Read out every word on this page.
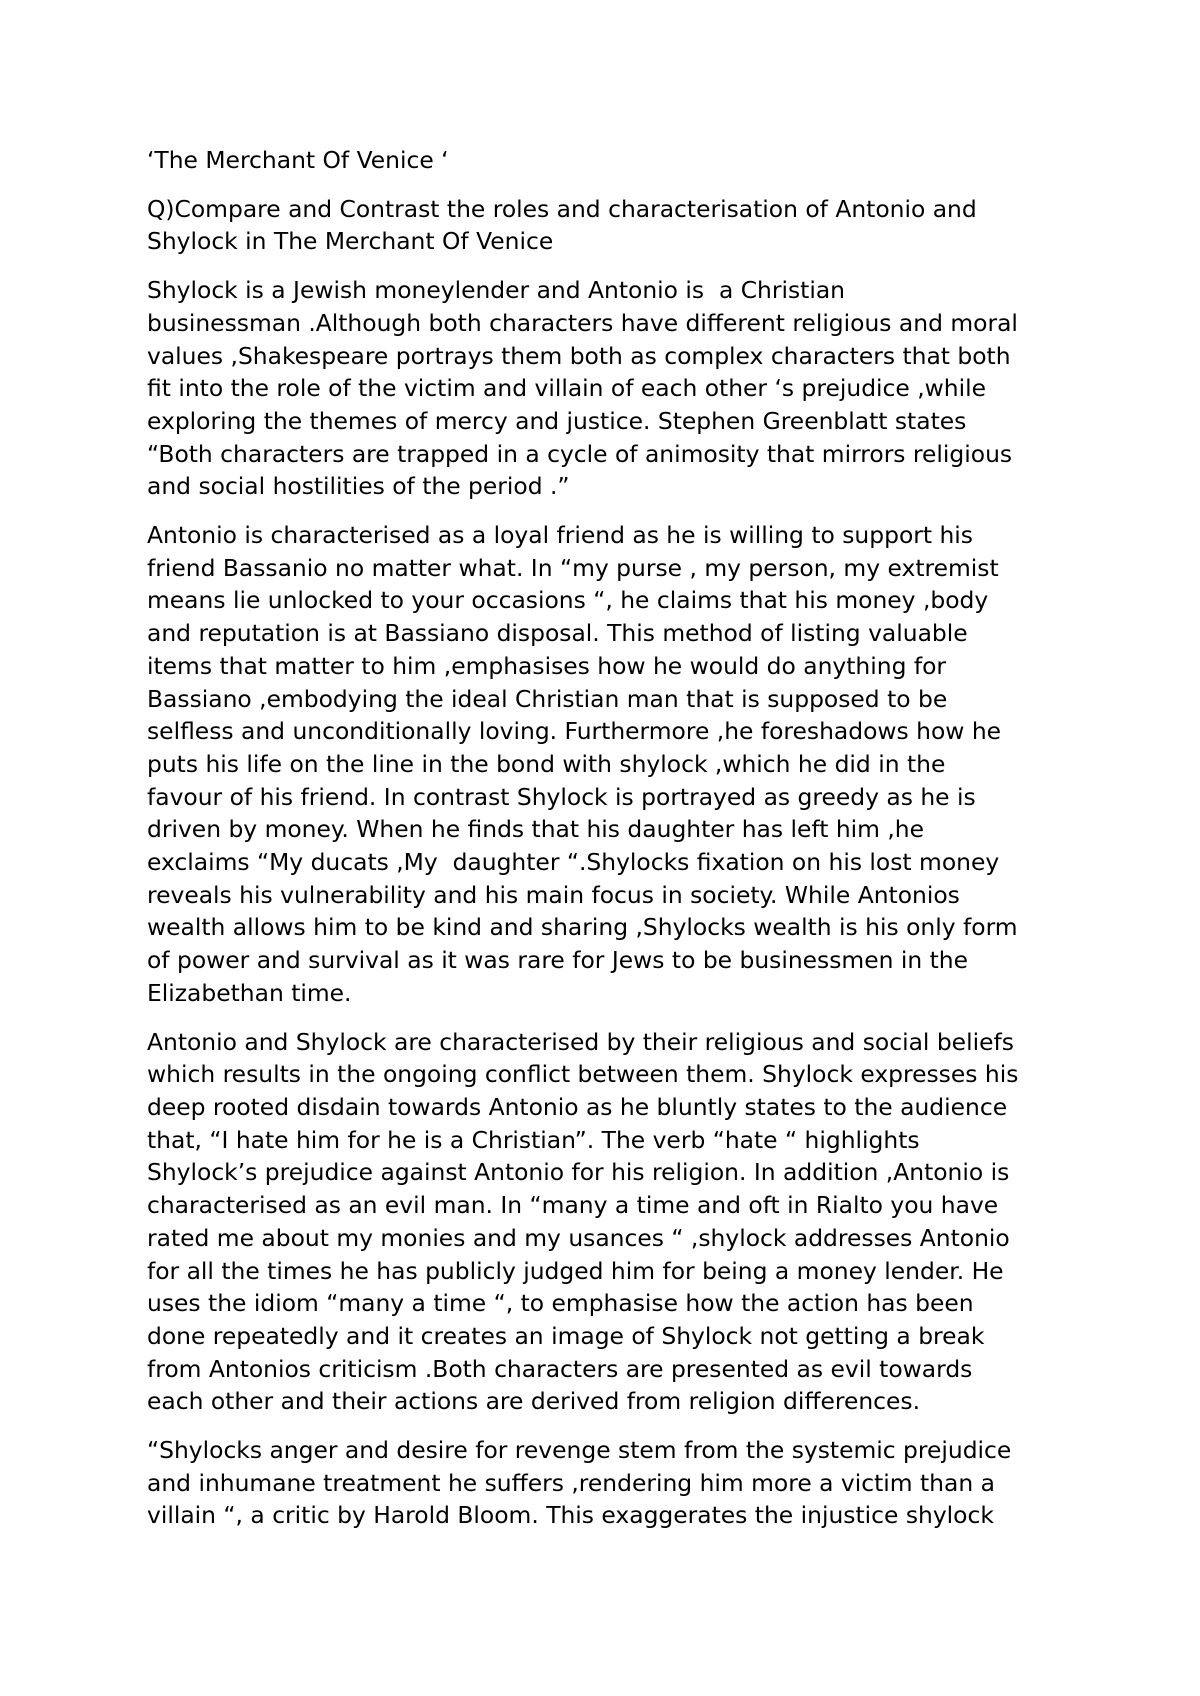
‘The Merchant Of Venice ‘

Q)Compare and Contrast the roles and characterisation of Antonio and
Shylock in The Merchant Of Venice

Shylock is a Jewish moneylender and Antonio is  a Christian
businessman .Although both characters have different religious and moral
values ,Shakespeare portrays them both as complex characters that both
fit into the role of the victim and villain of each other ‘s prejudice ,while
exploring the themes of mercy and justice. Stephen Greenblatt states
“Both characters are trapped in a cycle of animosity that mirrors religious
and social hostilities of the period .”

Antonio is characterised as a loyal friend as he is willing to support his
friend Bassanio no matter what. In “my purse , my person, my extremist
means lie unlocked to your occasions “, he claims that his money ,body
and reputation is at Bassiano disposal. This method of listing valuable
items that matter to him ,emphasises how he would do anything for
Bassiano ,embodying the ideal Christian man that is supposed to be
selfless and unconditionally loving. Furthermore ,he foreshadows how he
puts his life on the line in the bond with shylock ,which he did in the
favour of his friend. In contrast Shylock is portrayed as greedy as he is
driven by money. When he finds that his daughter has left him ,he
exclaims “My ducats ,My  daughter “.Shylocks fixation on his lost money
reveals his vulnerability and his main focus in society. While Antonios
wealth allows him to be kind and sharing ,Shylocks wealth is his only form
of power and survival as it was rare for Jews to be businessmen in the
Elizabethan time.

Antonio and Shylock are characterised by their religious and social beliefs
which results in the ongoing conflict between them. Shylock expresses his
deep rooted disdain towards Antonio as he bluntly states to the audience
that, “I hate him for he is a Christian”. The verb “hate “ highlights
Shylock’s prejudice against Antonio for his religion. In addition ,Antonio is
characterised as an evil man. In “many a time and oft in Rialto you have
rated me about my monies and my usances “ ,shylock addresses Antonio
for all the times he has publicly judged him for being a money lender. He
uses the idiom “many a time “, to emphasise how the action has been
done repeatedly and it creates an image of Shylock not getting a break
from Antonios criticism .Both characters are presented as evil towards
each other and their actions are derived from religion differences.

“Shylocks anger and desire for revenge stem from the systemic prejudice
and inhumane treatment he suffers ,rendering him more a victim than a
villain “, a critic by Harold Bloom. This exaggerates the injustice shylock
